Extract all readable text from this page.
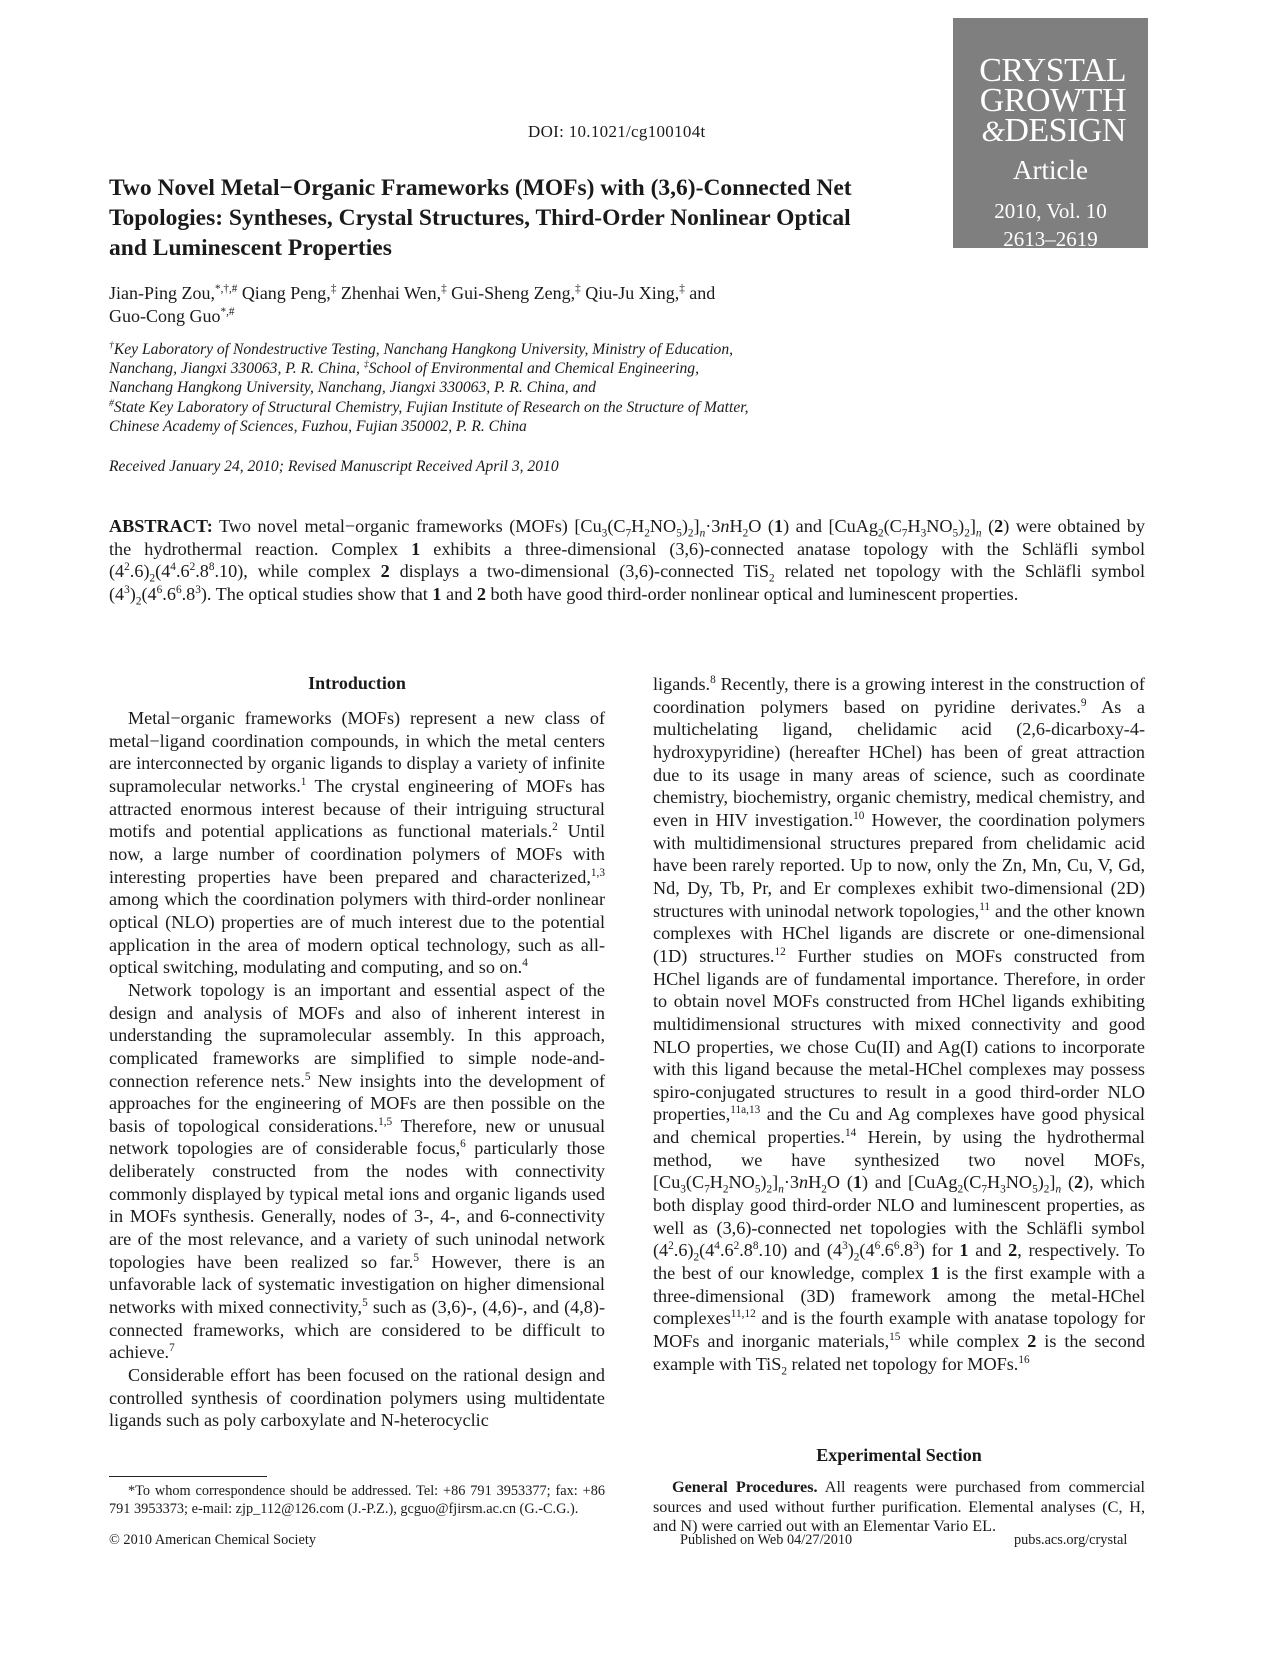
DOI: 10.1021/cg100104t
CRYSTAL
GROWTH
&DESIGN
Article
2010, Vol. 10
2613–2619
Two Novel Metal−Organic Frameworks (MOFs) with (3,6)-Connected Net Topologies: Syntheses, Crystal Structures, Third-Order Nonlinear Optical and Luminescent Properties
Jian-Ping Zou,*,†,# Qiang Peng,‡ Zhenhai Wen,‡ Gui-Sheng Zeng,‡ Qiu-Ju Xing,‡ and
Guo-Cong Guo*,#
†Key Laboratory of Nondestructive Testing, Nanchang Hangkong University, Ministry of Education,
Nanchang, Jiangxi 330063, P. R. China, ‡School of Environmental and Chemical Engineering,
Nanchang Hangkong University, Nanchang, Jiangxi 330063, P. R. China, and
#State Key Laboratory of Structural Chemistry, Fujian Institute of Research on the Structure of Matter,
Chinese Academy of Sciences, Fuzhou, Fujian 350002, P. R. China
Received January 24, 2010; Revised Manuscript Received April 3, 2010
ABSTRACT: Two novel metal−organic frameworks (MOFs) $[Cu_3(C_7H_2NO_5)_2]_n\cdot 3nH_2O$ (1) and $[CuAg_2(C_7H_3NO_5)_2]_n$ (2) were obtained by the hydrothermal reaction. Complex 1 exhibits a three-dimensional (3,6)-connected anatase topology with the Schläfli symbol $(4^2.6)_2(4^4.6^2.8^8.10)$, while complex 2 displays a two-dimensional (3,6)-connected TiS$_2$ related net topology with the Schläfli symbol $(4^3)_2(4^6.6^6.8^3)$. The optical studies show that 1 and 2 both have good third-order nonlinear optical and luminescent properties.
Introduction

Metal−organic frameworks (MOFs) represent a new class of metal−ligand coordination compounds, in which the metal centers are interconnected by organic ligands to display a variety of infinite supramolecular networks.$^1$ The crystal engineering of MOFs has attracted enormous interest because of their intriguing structural motifs and potential applications as functional materials.$^2$ Until now, a large number of coordination polymers of MOFs with interesting properties have been prepared and characterized,$^{1,3}$ among which the coordination polymers with third-order nonlinear optical (NLO) properties are of much interest due to the potential application in the area of modern optical technology, such as all-optical switching, modulating and computing, and so on.$^4$

Network topology is an important and essential aspect of the design and analysis of MOFs and also of inherent interest in understanding the supramolecular assembly. In this approach, complicated frameworks are simplified to simple node-and-connection reference nets.$^5$ New insights into the development of approaches for the engineering of MOFs are then possible on the basis of topological considerations.$^{1,5}$ Therefore, new or unusual network topologies are of considerable focus,$^6$ particularly those deliberately constructed from the nodes with connectivity commonly displayed by typical metal ions and organic ligands used in MOFs synthesis. Generally, nodes of 3-, 4-, and 6-connectivity are of the most relevance, and a variety of such uninodal network topologies have been realized so far.$^5$ However, there is an unfavorable lack of systematic investigation on higher dimensional networks with mixed connectivity,$^5$ such as (3,6)-, (4,6)-, and (4,8)-connected frameworks, which are considered to be difficult to achieve.$^7$

Considerable effort has been focused on the rational design and controlled synthesis of coordination polymers using multidentate ligands such as poly carboxylate and N-heterocyclic

ligands.$^8$ Recently, there is a growing interest in the construction of coordination polymers based on pyridine derivates.$^9$ As a multichelating ligand, chelidamic acid (2,6-dicarboxy-4-hydroxypyridine) (hereafter HChel) has been of great attraction due to its usage in many areas of science, such as coordinate chemistry, biochemistry, organic chemistry, medical chemistry, and even in HIV investigation.$^{10}$ However, the coordination polymers with multidimensional structures prepared from chelidamic acid have been rarely reported. Up to now, only the Zn, Mn, Cu, V, Gd, Nd, Dy, Tb, Pr, and Er complexes exhibit two-dimensional (2D) structures with uninodal network topologies,$^{11}$ and the other known complexes with HChel ligands are discrete or one-dimensional (1D) structures.$^{12}$ Further studies on MOFs constructed from HChel ligands are of fundamental importance. Therefore, in order to obtain novel MOFs constructed from HChel ligands exhibiting multidimensional structures with mixed connectivity and good NLO properties, we chose Cu(II) and Ag(I) cations to incorporate with this ligand because the metal-HChel complexes may possess spiro-conjugated structures to result in a good third-order NLO properties,$^{11a,13}$ and the Cu and Ag complexes have good physical and chemical properties.$^{14}$ Herein, by using the hydrothermal method, we have synthesized two novel MOFs, $[Cu_3(C_7H_2NO_5)_2]_n\cdot 3nH_2O$ (1) and $[CuAg_2(C_7H_3NO_5)_2]_n$ (2), which both display good third-order NLO and luminescent properties, as well as (3,6)-connected net topologies with the Schläfli symbol $(4^2.6)_2(4^4.6^2.8^8.10)$ and $(4^3)_2(4^6.6^6.8^3)$ for 1 and 2, respectively. To the best of our knowledge, complex 1 is the first example with a three-dimensional (3D) framework among the metal-HChel complexes$^{11,12}$ and is the fourth example with anatase topology for MOFs and inorganic materials,$^{15}$ while complex 2 is the second example with TiS$_2$ related net topology for MOFs.$^{16}$

Experimental Section
General Procedures. All reagents were purchased from commercial sources and used without further purification. Elemental analyses (C, H, and N) were carried out with an Elementar Vario EL.
*To whom correspondence should be addressed. Tel: +86 791 3953377; fax: +86 791 3953373; e-mail: zjp_112@126.com (J.-P.Z.), gcguo@fjirsm.ac.cn (G.-C.G.).
© 2010 American Chemical Society	Published on Web 04/27/2010	pubs.acs.org/crystal
